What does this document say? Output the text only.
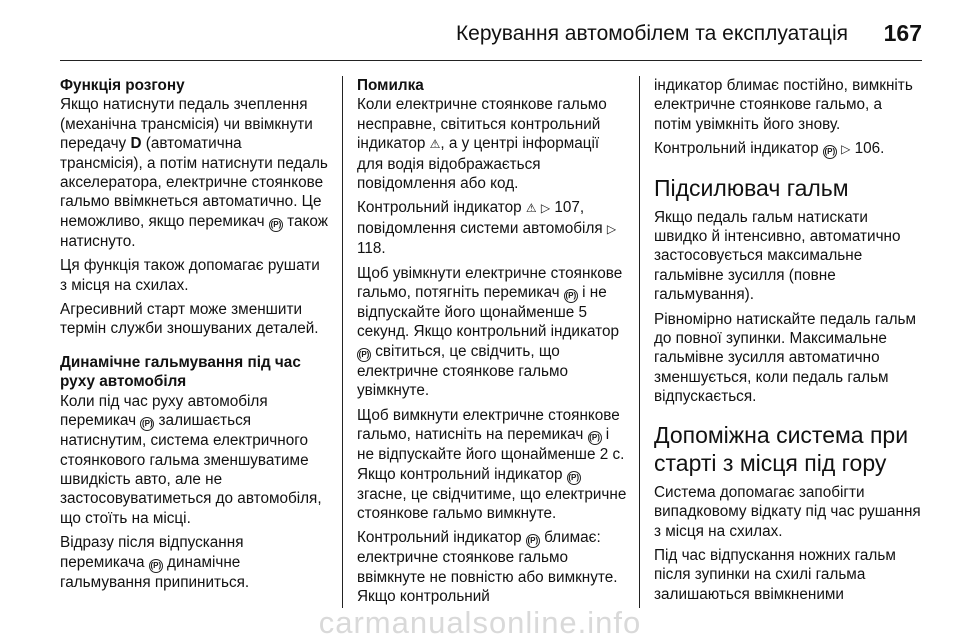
Керування автомобілем та експлуатація 167

Функція розгону

Якщо натиснути педаль зчеплення (механічна трансмісія) чи ввімкнути передачу D (автоматична трансмісія), а потім натиснути педаль акселератора, електричне стоянкове гальмо ввімкнеться автоматично. Це неможливо, якщо перемикач (P) також натиснуто.

Ця функція також допомагає рушати з місця на схилах.

Агресивний старт може зменшити термін служби зношуваних деталей.

Динамічне гальмування під час руху автомобіля

Коли під час руху автомобіля перемикач (P) залишається натиснутим, система електричного стоянкового гальма зменшуватиме швидкість авто, але не застосовуватиметься до автомобіля, що стоїть на місці.

Відразу після відпускання перемикача (P) динамічне гальмування припиниться.

Помилка

Коли електричне стоянкове гальмо несправне, світиться контрольний індикатор ⚠, а у центрі інформації для водія відображається повідомлення або код.

Контрольний індикатор ⚠ ▷ 107, повідомлення системи автомобіля ▷ 118.

Щоб увімкнути електричне стоянкове гальмо, потягніть перемикач (P) і не відпускайте його щонайменше 5 секунд. Якщо контрольний індикатор (P) світиться, це свідчить, що електричне стоянкове гальмо увімкнуте.

Щоб вимкнути електричне стоянкове гальмо, натисніть на перемикач (P) і не відпускайте його щонайменше 2 с. Якщо контрольний індикатор (P) згасне, це свідчитиме, що електричне стоянкове гальмо вимкнуте.

Контрольний індикатор (P) блимає: електричне стоянкове гальмо ввімкнуте не повністю або вимкнуте. Якщо контрольний

індикатор блимає постійно, вимкніть електричне стоянкове гальмо, а потім увімкніть його знову.

Контрольний індикатор (P) ▷ 106.

Підсилювач гальм

Якщо педаль гальм натискати швидко й інтенсивно, автоматично застосовується максимальне гальмівне зусилля (повне гальмування).

Рівномірно натискайте педаль гальм до повної зупинки. Максимальне гальмівне зусилля автоматично зменшується, коли педаль гальм відпускається.

Допоміжна система при старті з місця під гору

Система допомагає запобігти випадковому відкату під час рушання з місця на схилах.

Під час відпускання ножних гальм після зупинки на схилі гальма залишаються ввімкненими

carmanualsonline.info
